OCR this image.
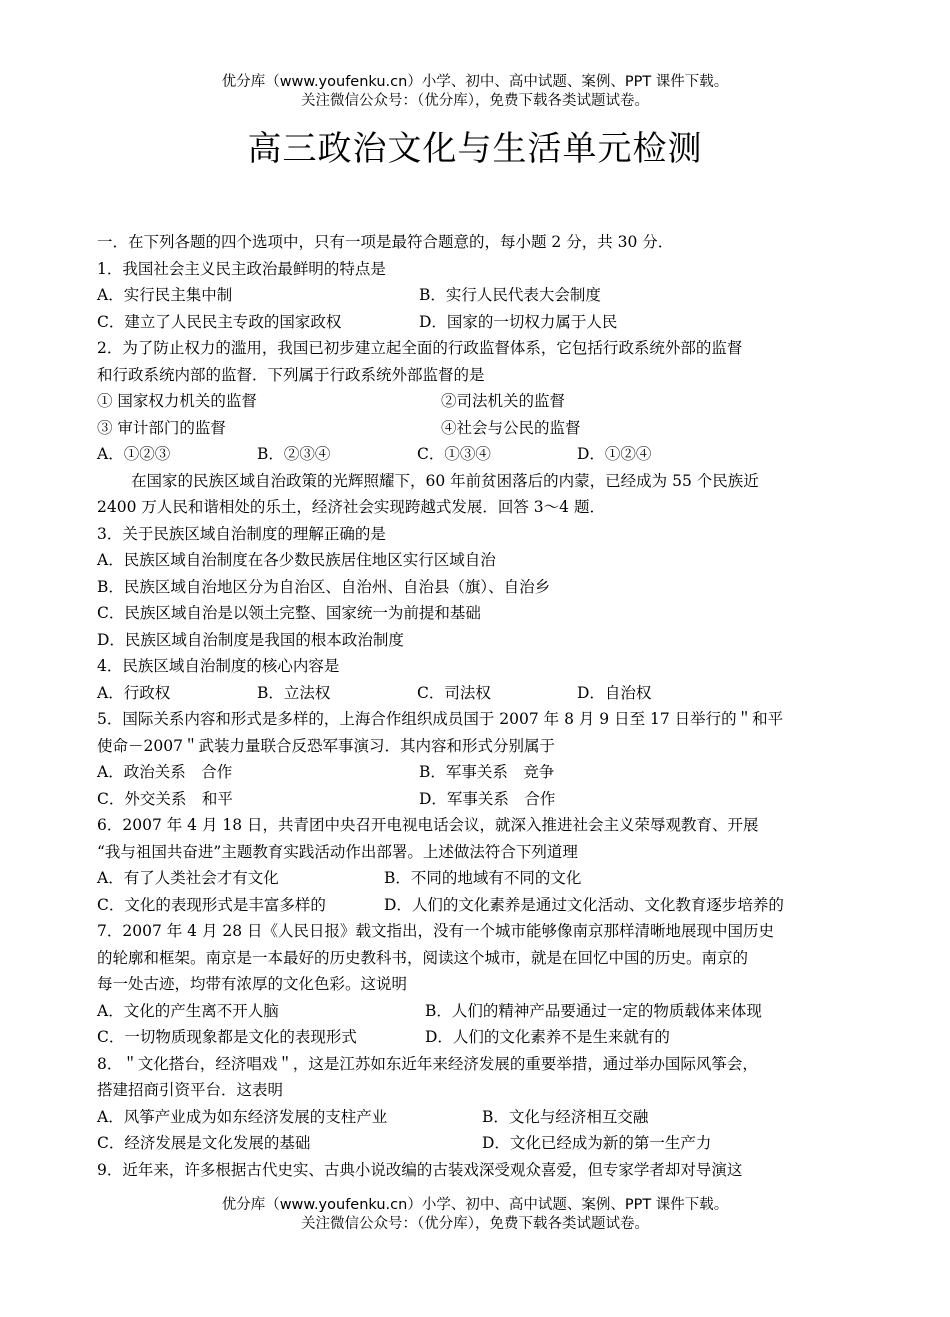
优分库（www.youfenku.cn）小学、初中、高中试题、案例、PPT 课件下载。
关注微信公众号：（优分库），免费下载各类试题试卷。
高三政治文化与生活单元检测
一．在下列各题的四个选项中，只有一项是最符合题意的，每小题 2 分，共 30 分．
1．我国社会主义民主政治最鲜明的特点是
A．实行民主集中制	B．实行人民代表大会制度
C．建立了人民民主专政的国家政权	D．国家的一切权力属于人民
2．为了防止权力的滥用，我国已初步建立起全面的行政监督体系，它包括行政系统外部的监督
和行政系统内部的监督．下列属于行政系统外部监督的是
① 国家权力机关的监督	②司法机关的监督
③ 审计部门的监督	④社会与公民的监督
A．①②③	B．②③④	C．①③④	D．①②④
在国家的民族区域自治政策的光辉照耀下，60 年前贫困落后的内蒙，已经成为 55 个民族近
2400 万人民和谐相处的乐土，经济社会实现跨越式发展．回答 3～4 题．
3．关于民族区域自治制度的理解正确的是
A．民族区域自治制度在各少数民族居住地区实行区域自治
B．民族区域自治地区分为自治区、自治州、自治县（旗）、自治乡
C．民族区域自治是以领土完整、国家统一为前提和基础
D．民族区域自治制度是我国的根本政治制度
4．民族区域自治制度的核心内容是
A．行政权	B．立法权	C．司法权	D．自治权
5．国际关系内容和形式是多样的，上海合作组织成员国于 2007 年 8 月 9 日至 17 日举行的＂和平
使命－2007＂武装力量联合反恐军事演习．其内容和形式分别属于
A．政治关系　合作	B．军事关系　竞争
C．外交关系　和平	D．军事关系　合作
6．2007 年 4 月 18 日，共青团中央召开电视电话会议，就深入推进社会主义荣辱观教育、开展
“我与祖国共奋进”主题教育实践活动作出部署。上述做法符合下列道理
A．有了人类社会才有文化	B．不同的地域有不同的文化
C．文化的表现形式是丰富多样的	D．人们的文化素养是通过文化活动、文化教育逐步培养的
7．2007 年 4 月 28 日《人民日报》载文指出，没有一个城市能够像南京那样清晰地展现中国历史
的轮廓和框架。南京是一本最好的历史教科书，阅读这个城市，就是在回忆中国的历史。南京的
每一处古迹，均带有浓厚的文化色彩。这说明
A．文化的产生离不开人脑	B．人们的精神产品要通过一定的物质载体来体现
C．一切物质现象都是文化的表现形式	D．人们的文化素养不是生来就有的
8．＂文化搭台，经济唱戏＂，这是江苏如东近年来经济发展的重要举措，通过举办国际风筝会，
搭建招商引资平台．这表明
A．风筝产业成为如东经济发展的支柱产业	B．文化与经济相互交融
C．经济发展是文化发展的基础	D．文化已经成为新的第一生产力
9．近年来，许多根据古代史实、古典小说改编的古装戏深受观众喜爱，但专家学者却对导演这
优分库（www.youfenku.cn）小学、初中、高中试题、案例、PPT 课件下载。
关注微信公众号：（优分库），免费下载各类试题试卷。
